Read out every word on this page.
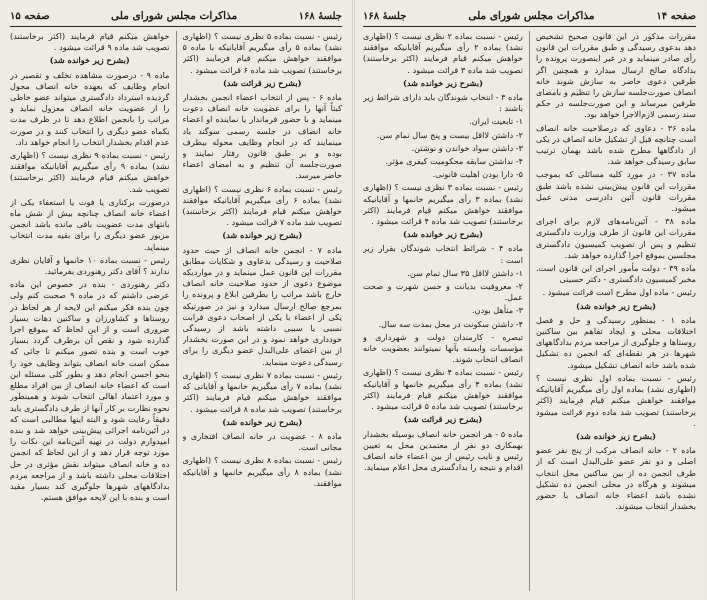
جلسهٔ ۱۶۸
مذاکرات مجلس شورای ملی
صفحه ۱۵

رئیس - نسبت بماده ۵ نظری نیست ؟ (اظهاری نشد) بماده ۵ رأی میگیریم آقایانیکه با ماده ۵ موافقند خواهش میکنم قیام فرمایند (اکثر برخاستند) تصویب شد ماده ۶ قرائت میشود .

(بشرح زیر قرائت شد)

ماده ۶ - پس از انتخاب اعضاء انجمن بخشدار کبتاً آنها را برای عضویت خانه انصاف دعوت مینماید و با حضور فرماندار یا نماینده او اعضاء خانه انصاف در جلسه رسمی سوگند یاد مینمایند که در انجام وظایف محوله بیطرف بوده و بر طبق قانون رفتار نمایند و صورت‌جلسه آن تنظیم و به امضای اعضاء حاضر میرسد.

رئیس - نسبت بماده ۶ نظری نیست ؟ (اظهاری نشد) بماده ۶ رأی میگیریم آقایانیکه موافقند خواهش میکنم قیام فرمایند (اکثر برخاستند) تصویب شد ماده ۷ قرائت میشود .

(بشرح زیر خوانده شد)

ماده ۷ - انجمن خانه انصاف از حیث حدود صلاحیت و رسیدگی بدعاوی و شکایات مطابق مقررات این قانون عمل مینماید و در مواردیکه موضوع دعوی از حدود صلاحیت خانه انصاف خارج باشد مراتب را بطرفین ابلاغ و پرونده را بمرجع صالح ارسال میدارد و نیز در صورتیکه یکی از اعضاء با یکی از اصحاب دعوی قرابت نسبی یا سببی داشته باشد از رسیدگی خودداری خواهد نمود و در این صورت بخشدار از بین اعضای علی‌البدل عضو دیگری را برای رسیدگی دعوت مینماید.

رئیس - نسبت بماده ۷ نظری نیست ؟ (اظهاری نشد) بماده ۷ رأی میگیریم خانمها و آقایانی که موافقند خواهش میکنم قیام فرمایند (اکثر برخاستند) تصویب شد ماده ۸ قرائت میشود .

(بشرح زیر خوانده شد)

ماده ۸ - عضویت در خانه انصاف افتخاری و مجانی است.

رئیس - نسبت بماده ۸ نظری نیست ؟ (اظهاری نشد) بماده ۸ رأی میگیریم خانمها و آقایانیکه موافقند.

خواهش میکنم قیام فرمایند (اکثر برخاستند) تصویب شد ماده ۹ قرائت میشود .

(بشرح زیر خوانده شد)

ماده ۹ - درصورت مشاهده تخلف و تقصیر در انجام وظایف که بعهده خانه انصاف محول گردیده استرداد دادگستری میتواند عضو خاطی را از عضویت خانه انصاف معزول نماید و مراتب را بانجمن اطلاع دهد تا در ظرف مدت یکماه عضو دیگری را انتخاب کنند و در صورت عدم اقدام بخشدار انتخاب را انجام خواهد داد.

رئیس - نسبت بماده ۹ نظری نیست ؟ (اظهاری نشد) بماده ۹ رأی میگیریم آقایانیکه موافقند خواهش میکنم قیام فرمایند (اکثر برخاستند) تصویب شد.

درصورت برکناری یا فوت یا استعفاء یکی از اعضاء خانه انصاف چنانچه بیش از شش ماه بانتهای مدت عضویت باقی مانده باشد انجمن مزبور عضو دیگری را برای بقیه مدت انتخاب مینماید.

رئیس - نسبت بماده ۱۰ خانمها و آقایان نظری ندارند ؟ آقای دکتر رهنوردی بفرمائید.

دکتر رهنوردی - بنده در خصوص این ماده عرضی داشتم که در ماده ۹ صحبت کنم ولی چون بنده فکر میکنم این لایحه از هر لحاظ در روستاها و کشاورزان و ساکنین دهات بسیار ضروری است و از این لحاظ که بموقع اجرا گذارده شود و نقص آن برطرف گردد بسیار خوب است و بنده تصور میکنم تا جائی که ممکن است خانه انصاف بتواند وظایف خود را بنحو احسن انجام دهد و بطور کلی مسئله این است که اعضاء خانه انصاف از بین افراد مطلع و مورد اعتماد اهالی انتخاب شوند و همینطور نحوه نظارت بر کار آنها از طرف دادگستری باید دقیقاً رعایت شود و البته اینها مطالبی است که در آئین‌نامه اجرائی پیش‌بینی خواهد شد و بنده امیدوارم دولت در تهیه آئین‌نامه این نکات را مورد توجه قرار دهد و از این لحاظ که انجمن ده و خانه انصاف میتواند نقش مؤثری در حل اختلافات محلی داشته باشد و از مراجعه مردم بدادگاههای شهرها جلوگیری کند بسیار مفید است و بنده با این لایحه موافق هستم.

صفحه ۱۴
مذاکرات مجلس شورای ملی
جلسهٔ ۱۶۸

مقررات مذکور در این قانون صحیح تشخیص دهد بدعوی رسیدگی و طبق مقررات این قانون رأی صادر مینماید و در غیر اینصورت پرونده را بدادگاه صالح ارسال میدارد و همچنین اگر طرفین دعوی حاضر به سازش شوند خانه انصاف صورت‌جلسه سازش را تنظیم و بامضای طرفین میرساند و این صورت‌جلسه در حکم سند رسمی لازم‌الاجرا خواهد بود.

ماده ۳۶ - دعاوی که درصلاحیت خانه انصاف است چنانچه قبل از تشکیل خانه انصاف در یکی از دادگاهها مطرح شده باشد بهمان ترتیب سابق رسیدگی خواهد شد.

ماده ۳۷ - در مورد کلیه مسائلی که بموجب مقررات این قانون پیش‌بینی نشده باشد طبق مقررات قانون آئین دادرسی مدنی عمل میشود.

ماده ۳۸ - آئین‌نامه‌های لازم برای اجرای مقررات این قانون از طرف وزارت دادگستری تنظیم و پس از تصویب کمیسیون دادگستری مجلسین بموقع اجرا گذارده خواهد شد.

ماده ۳۹ - دولت مأمور اجرای این قانون است. مخبر کمیسیون دادگستری - دکتر حسینی

رئیس - ماده اول مطرح است قرائت میشود .

(بشرح زیر خوانده شد)

ماده ۱ - بمنظور رسیدگی و حل و فصل اختلافات محلی و ایجاد تفاهم بین ساکنین روستاها و جلوگیری از مراجعه مردم بدادگاههای شهرها در هر نقطه‌ای که انجمن ده تشکیل شده باشد خانه انصاف تشکیل میشود.

رئیس - نسبت بماده اول نظری نیست ؟ (اظهاری نشد) بماده اول رأی میگیریم آقایانیکه موافقند خواهش میکنم قیام فرمایند (اکثر برخاستند) تصویب شد ماده دوم قرائت میشود .

(بشرح زیر خوانده شد)

ماده ۲ - خانه انصاف مرکب از پنج نفر عضو اصلی و دو نفر عضو علی‌البدل است که از طرف انجمن ده از بین ساکنین محل انتخاب میشوند و هرگاه در محلی انجمن ده تشکیل نشده باشد اعضاء خانه انصاف با حضور بخشدار انتخاب میشوند.

رئیس - نسبت بماده ۲ نظری نیست ؟ (اظهاری نشد) بماده ۲ رأی میگیریم آقایانیکه موافقند خواهش میکنم قیام فرمایند (اکثر برخاستند) تصویب شد ماده ۳ قرائت میشود .

(بشرح زیر خوانده شد)

ماده ۳ - انتخاب شوندگان باید دارای شرائط زیر باشند :

۱- تابعیت ایران.

۲- داشتن لااقل بیست و پنج سال تمام سن.

۳- داشتن سواد خواندن و نوشتن.

۴- نداشتن سابقه محکومیت کیفری مؤثر.

۵- دارا بودن اهلیت قانونی.

رئیس - نسبت بماده ۳ نظری نیست ؟ (اظهاری نشد) بماده ۳ رأی میگیریم خانمها و آقایانیکه موافقند خواهش میکنم قیام فرمایند (اکثر برخاستند) تصویب شد ماده ۴ قرائت میشود .

(بشرح زیر خوانده شد)

ماده ۴ - شرائط انتخاب شوندگان بقرار زیر است :

۱- داشتن لااقل ۳۵ سال تمام سن.

۲- معروفیت بدیانت و حسن شهرت و صحت عمل.

۳- متأهل بودن.

۴- داشتن سکونت در محل بمدت سه سال.

تبصره - کارمندان دولت و شهرداری و مؤسسات وابسته بآنها نمیتوانند بعضویت خانه انصاف انتخاب شوند.

رئیس - نسبت بماده ۴ نظری نیست ؟ (اظهاری نشد) بماده ۴ رأی میگیریم خانمها و آقایانیکه موافقند خواهش میکنم قیام فرمایند (اکثر برخاستند) تصویب شد ماده ۵ قرائت میشود .

(بشرح زیر قرائت شد)

ماده ۵ - هر انجمن خانه انصاف بوسیله بخشدار بهمکاری دو نفر از معتمدین محل به تعیین رئیس و نایب رئیس از بین اعضاء خانه انصاف اقدام و نتیجه را بدادگستری محل اعلام مینماید.
